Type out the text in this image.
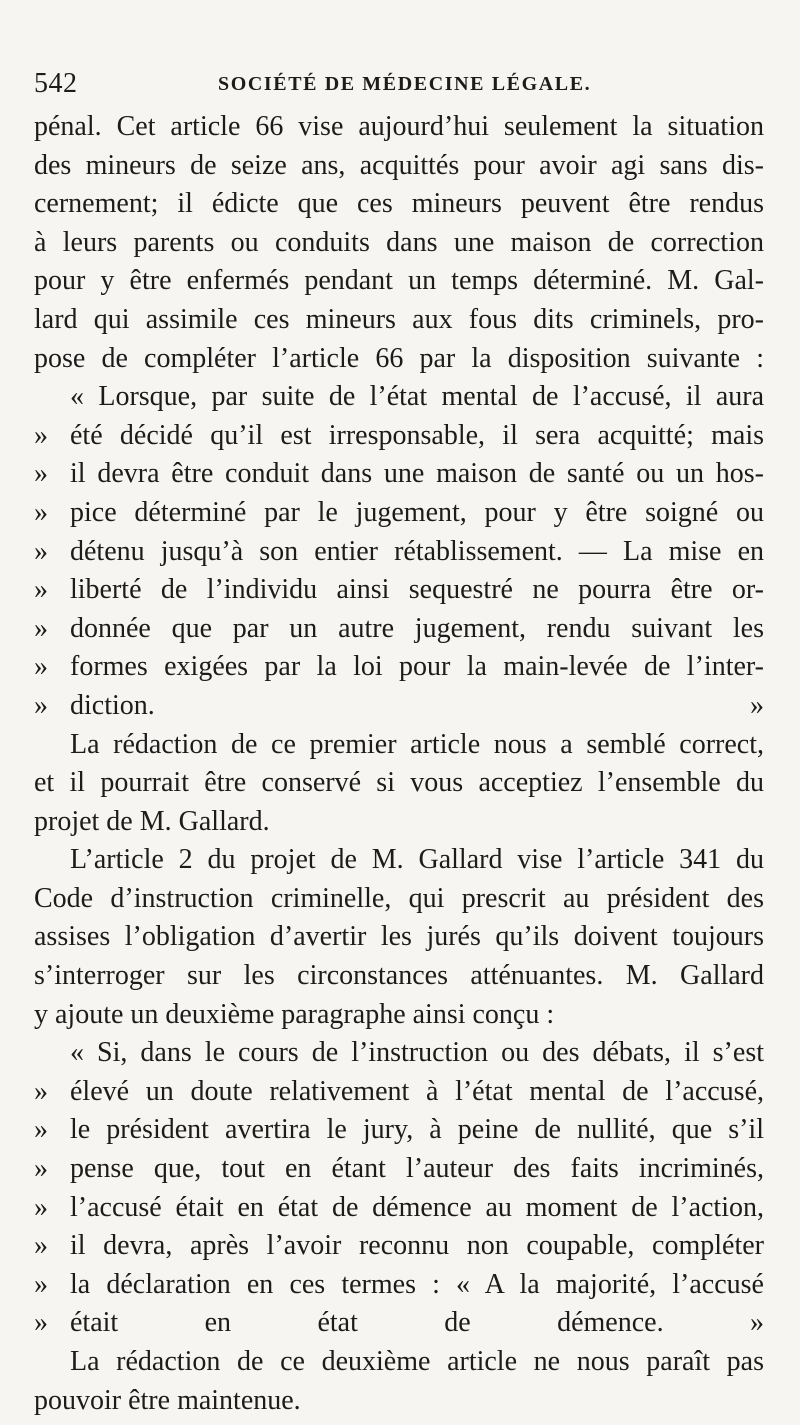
542	SOCIÉTÉ DE MÉDECINE LÉGALE.
pénal. Cet article 66 vise aujourd’hui seulement la situation
des mineurs de seize ans, acquittés pour avoir agi sans dis-
cernement; il édicte que ces mineurs peuvent être rendus
à leurs parents ou conduits dans une maison de correction
pour y être enfermés pendant un temps déterminé. M. Gal-
lard qui assimile ces mineurs aux fous dits criminels, pro-
pose de compléter l’article 66 par la disposition suivante :
« Lorsque, par suite de l’état mental de l’accusé, il aura
» été décidé qu’il est irresponsable, il sera acquitté; mais
» il devra être conduit dans une maison de santé ou un hos-
» pice déterminé par le jugement, pour y être soigné ou
» détenu jusqu’à son entier rétablissement. — La mise en
» liberté de l’individu ainsi sequestré ne pourra être or-
» donnée que par un autre jugement, rendu suivant les
» formes exigées par la loi pour la main-levée de l’inter-
» diction. »
La rédaction de ce premier article nous a semblé correct,
et il pourrait être conservé si vous acceptiez l’ensemble du
projet de M. Gallard.
L’article 2 du projet de M. Gallard vise l’article 341 du
Code d’instruction criminelle, qui prescrit au président des
assises l’obligation d’avertir les jurés qu’ils doivent toujours
s’interroger sur les circonstances atténuantes. M. Gallard
y ajoute un deuxième paragraphe ainsi conçu :
« Si, dans le cours de l’instruction ou des débats, il s’est
» élevé un doute relativement à l’état mental de l’accusé,
» le président avertira le jury, à peine de nullité, que s’il
» pense que, tout en étant l’auteur des faits incriminés,
» l’accusé était en état de démence au moment de l’action,
» il devra, après l’avoir reconnu non coupable, compléter
» la déclaration en ces termes : « A la majorité, l’accusé
» était en état de démence. »
La rédaction de ce deuxième article ne nous paraît pas
pouvoir être maintenue.
